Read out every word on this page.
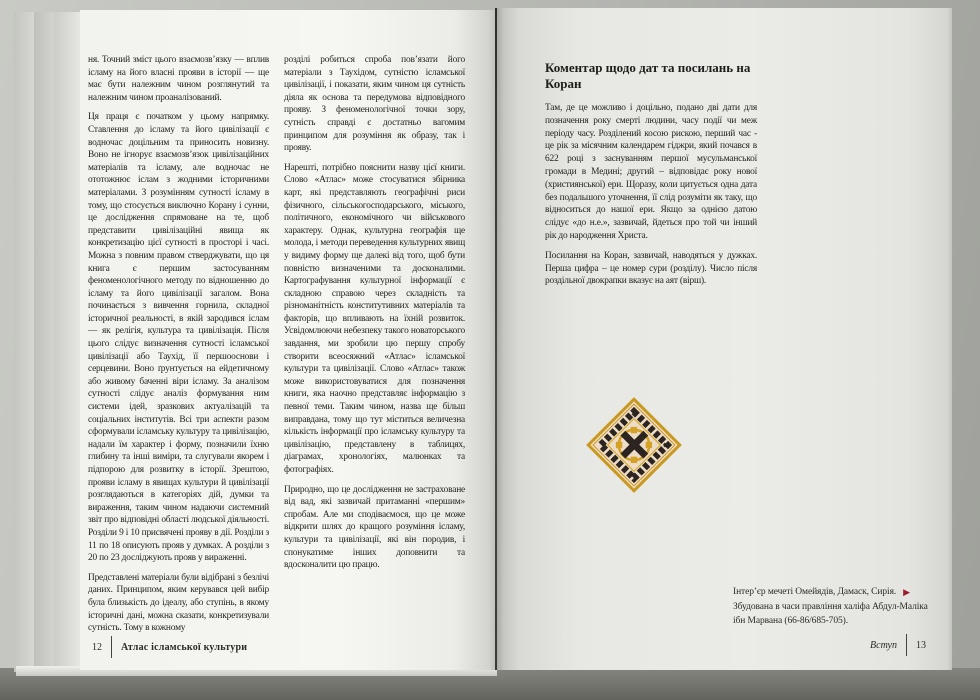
ня. Точний зміст цього взаємозв’язку — вплив ісламу на його власні прояви в історії — ще має бути належним чином розглянутий та належним чином проаналізований.

Ця праця є початком у цьому напрямку. Ставлення до ісламу та його цивілізації є водночас доцільним та приносить новизну. Воно не ігнорує взаємозв’язок цивілізаційних матеріалів та ісламу, але водночас не ототожнює іслам з жодними історичними матеріалами. З розумінням сутності ісламу в тому, що стосується виключно Корану і сунни, це дослідження спрямоване на те, щоб представити цивілізаційні явища як конкретизацію цієї сутності в просторі і часі. Можна з повним правом стверджувати, що ця книга є першим застосуванням феноменологічного методу по відношенню до ісламу та його цивілізації загалом. Вона починається з вивчення горнила, складної історичної реальності, в якій зародився іслам — як релігія, культура та цивілізація. Після цього слідує визначення сутності ісламської цивілізації або Таухід, її першооснови і серцевини. Воно ґрунтується на ейдетичному або живому баченні віри ісламу. За аналізом сутності слідує аналіз формування ним системи ідей, зразкових актуалізацій та соціальних інститутів. Всі три аспекти разом сформували ісламську культуру та цивілізацію, надали їм характер і форму, позначили їхню глибину та інші виміри, та слугували якорем і підпорою для розвитку в історії. Зрештою, прояви ісламу в явищах культури й цивілізації розглядаються в категоріях дій, думки та вираження, таким чином надаючи системний звіт про відповідні області людської діяльності. Розділи 9 і 10 присвячені прояву в дії. Розділи з 11 по 18 описують прояв у думках. А розділи з 20 по 23 досліджують прояв у вираженні.

Представлені матеріали були відібрані з безлічі даних. Принципом, яким керувався цей вибір була близькість до ідеалу, або ступінь, в якому історичні дані, можна сказати, конкретизували сутність. Тому в кожному

розділі робиться спроба пов’язати його матеріали з Таухідом, сутністю ісламської цивілізації, і показати, яким чином ця сутність діяла як основа та передумова відповідного прояву. З феноменологічної точки зору, сутність справді є достатньо вагомим принципом для розуміння як образу, так і прояву.

Нарешті, потрібно пояснити назву цієї книги. Слово «Атлас» може стосуватися збірника карт, які представляють географічні риси фізичного, сільськогосподарського, міського, політичного, економічного чи військового характеру. Однак, культурна географія ще молода, і методи переведення культурних явищ у видиму форму ще далекі від того, щоб бути повністю визначеними та досконалими. Картографування культурної інформації є складною справою через складність та різноманітність конститутивних матеріалів та факторів, що впливають на їхній розвиток. Усвідомлюючи небезпеку такого новаторського завдання, ми зробили цю першу спробу створити всеосяжний «Атлас» ісламської культури та цивілізації. Слово «Атлас» також може використовуватися для позначення книги, яка наочно представляє інформацію з певної теми. Таким чином, назва ще більш виправдана, тому що тут міститься величезна кількість інформації про ісламську культуру та цивілізацію, представлену в таблицях, діаграмах, хронологіях, малюнках та фотографіях.

Природно, що це дослідження не застраховане від вад, які зазвичай притаманні «першим» спробам. Але ми сподіваємося, що це може відкрити шлях до кращого розуміння ісламу, культури та цивілізації, які він породив, і спонукатиме інших доповнити та вдосконалити цю працю.

12 Атлас ісламської культури
Коментар щодо дат та посилань на Коран

Там, де це можливо і доцільно, подано дві дати для позначення року смерті людини, часу події чи меж періоду часу. Розділений косою рискою, перший час - це рік за місячним календарем гіджри, який почався в 622 році з заснуванням першої мусульманської громади в Медині; другий – відповідає року нової (християнської) ери. Щоразу, коли цитується одна дата без подальшого уточнення, її слід розуміти як таку, що відноситься до нашої ери. Якщо за однією датою слідує «до н.е.», зазвичай, йдеться про той чи інший рік до народження Христа.

Посилання на Коран, зазвичай, наводяться у дужках. Перша цифра – це номер сури (розділу). Число після роздільної двокрапки вказує на аят (вірш).

Інтер’єр мечеті Омейядів, Дамаск, Сирія. ▶
Збудована в часи правління халіфа Абдул-Маліка ібн Марвана (66-86/685-705).
Вступ 13
